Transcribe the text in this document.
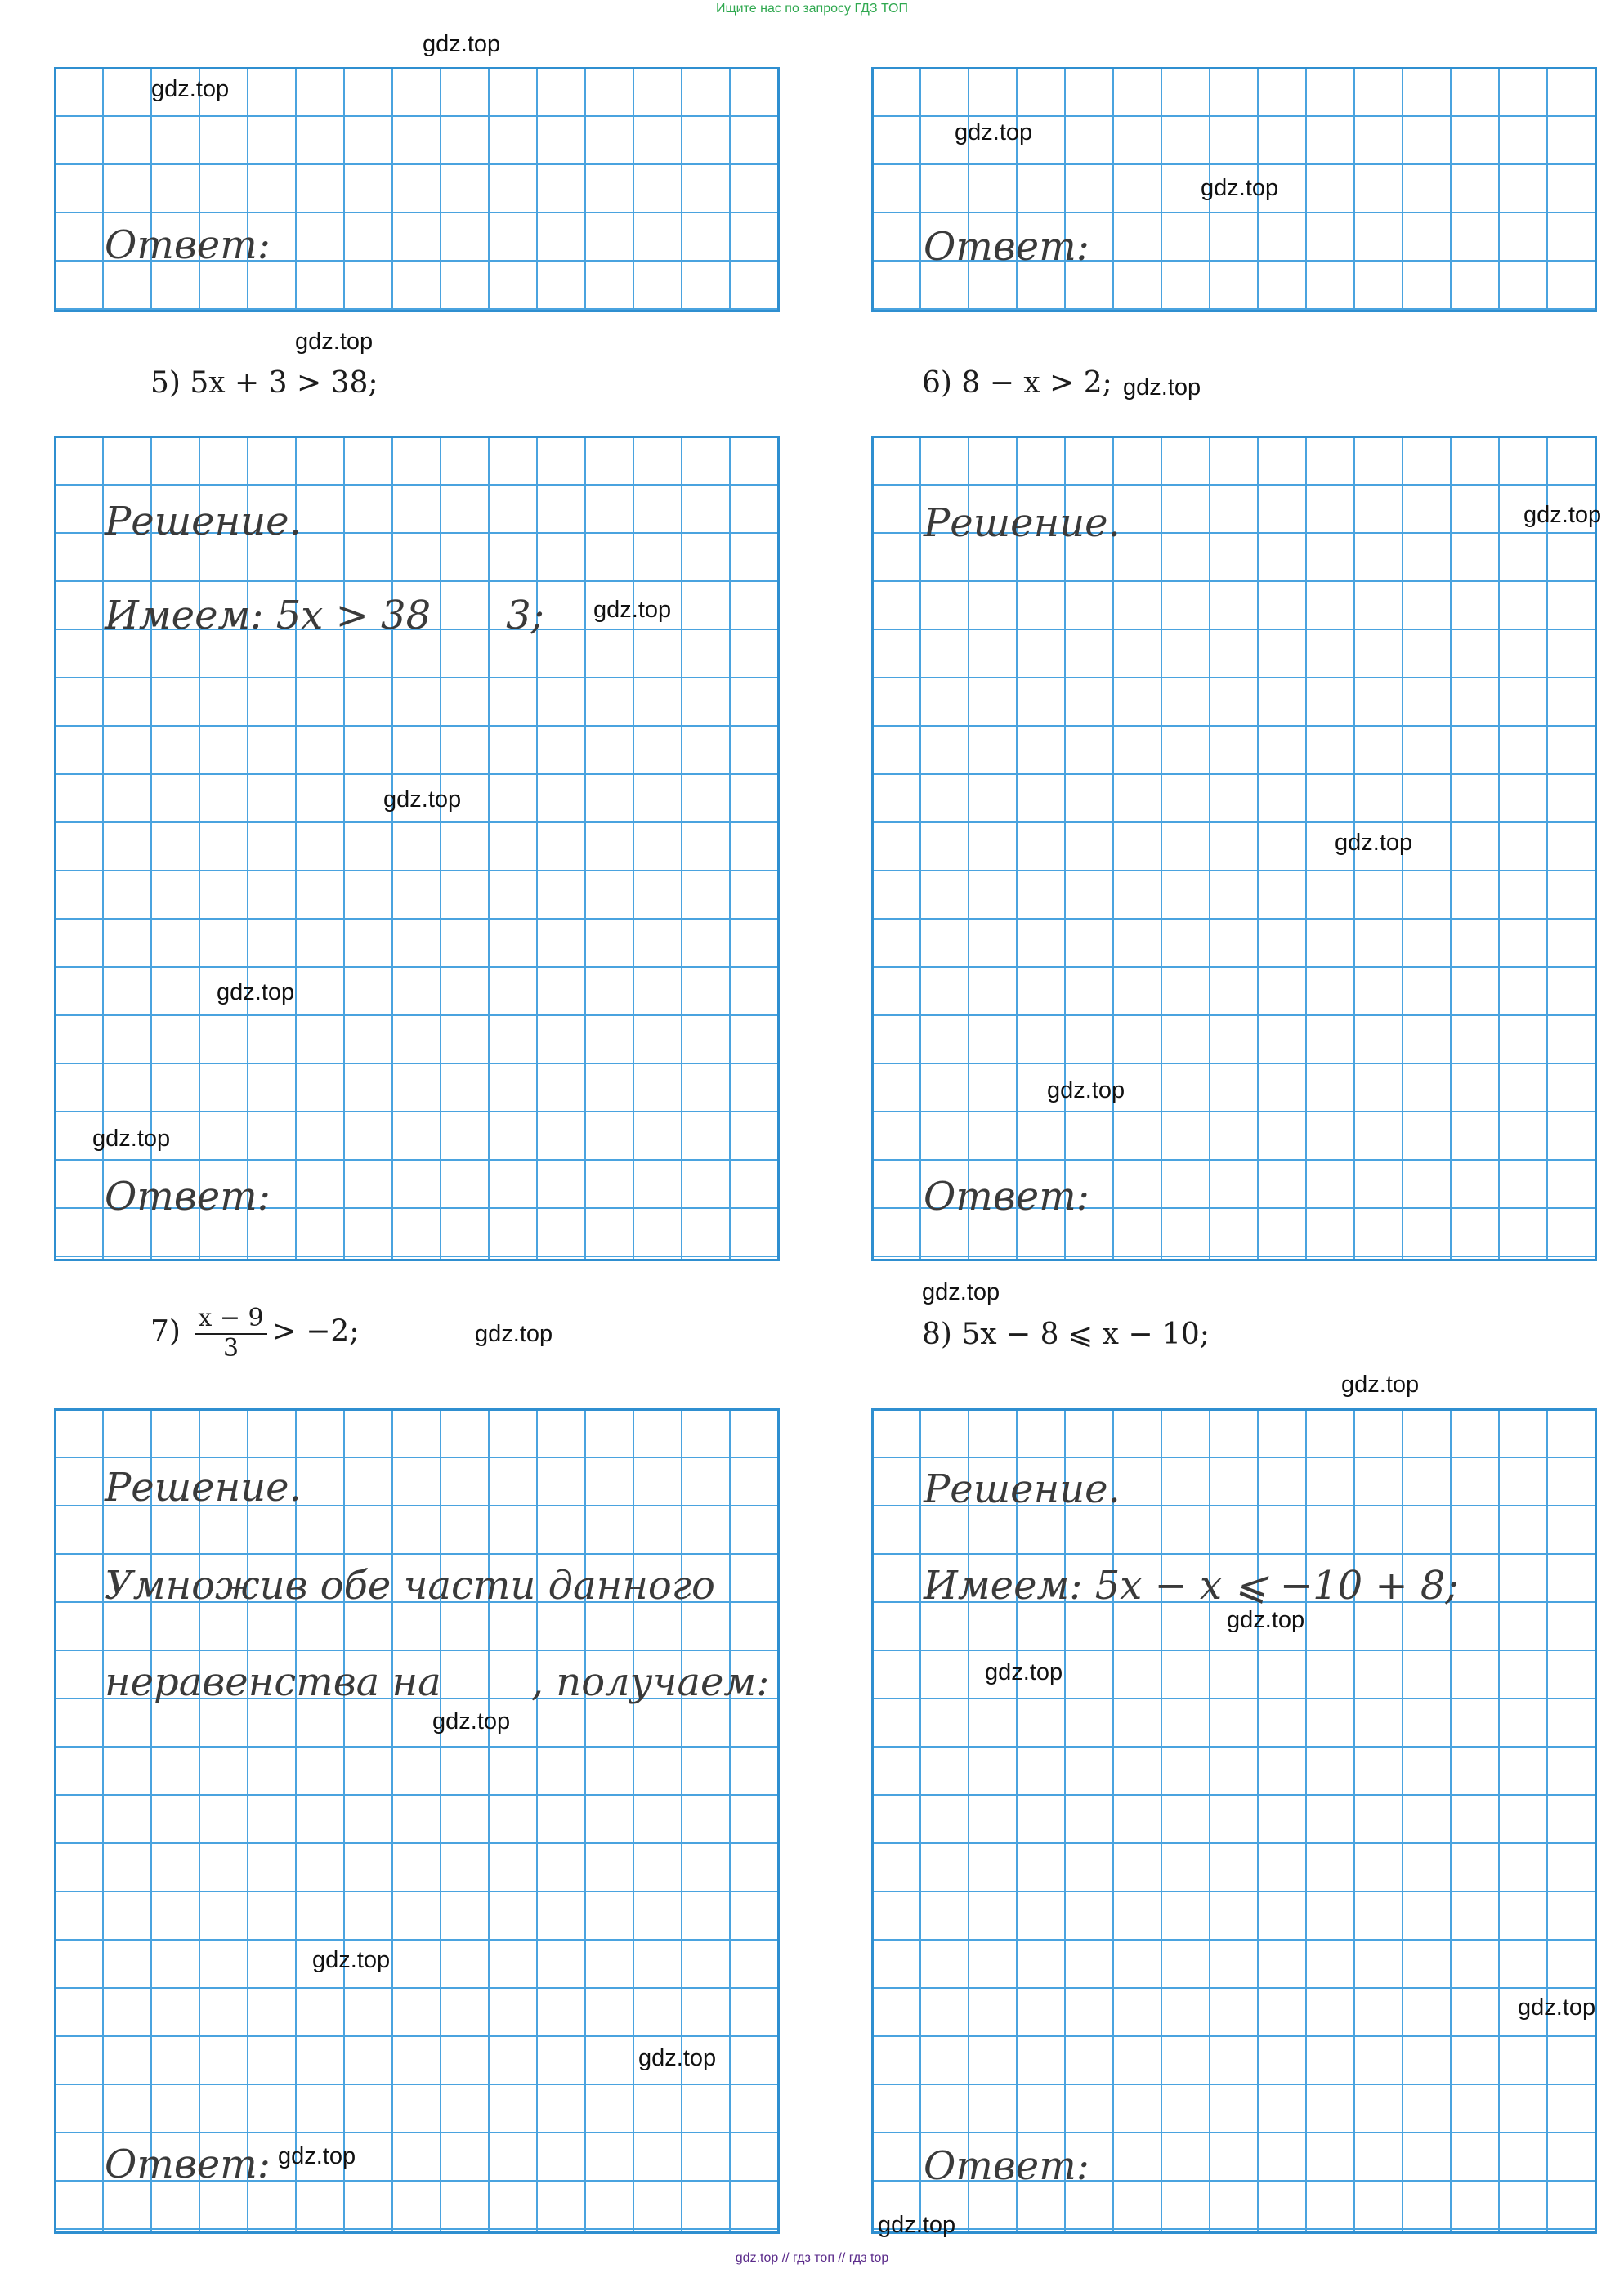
Ищите нас по запросу ГДЗ ТОП
Ответ:	Ответ:
5) 5x + 3 > 38;
Решение.
Имеем: 5x > 38 3;
Ответ:
6) 8 − x > 2;
Решение.
Ответ:
$7) \frac{x - 9}{3} > -2$;
Решение.
Умножив обе части данного
неравенства на , получаем:
Ответ:
8) 5x − 8 ⩽ x − 10;
Решение.
Имеем: 5x − x ⩽ −10 + 8;
Ответ:
gdz.top
gdz.top
gdz.top
gdz.top
gdz.top
gdz.top
gdz.top
gdz.top
gdz.top
gdz.top
gdz.top
gdz.top
gdz.top
gdz.top
gdz.top
gdz.top
gdz.top
gdz.top
gdz.top
gdz.top
gdz.top
gdz.top
gdz.top
gdz.top
gdz.top // гдз топ // гдз top
